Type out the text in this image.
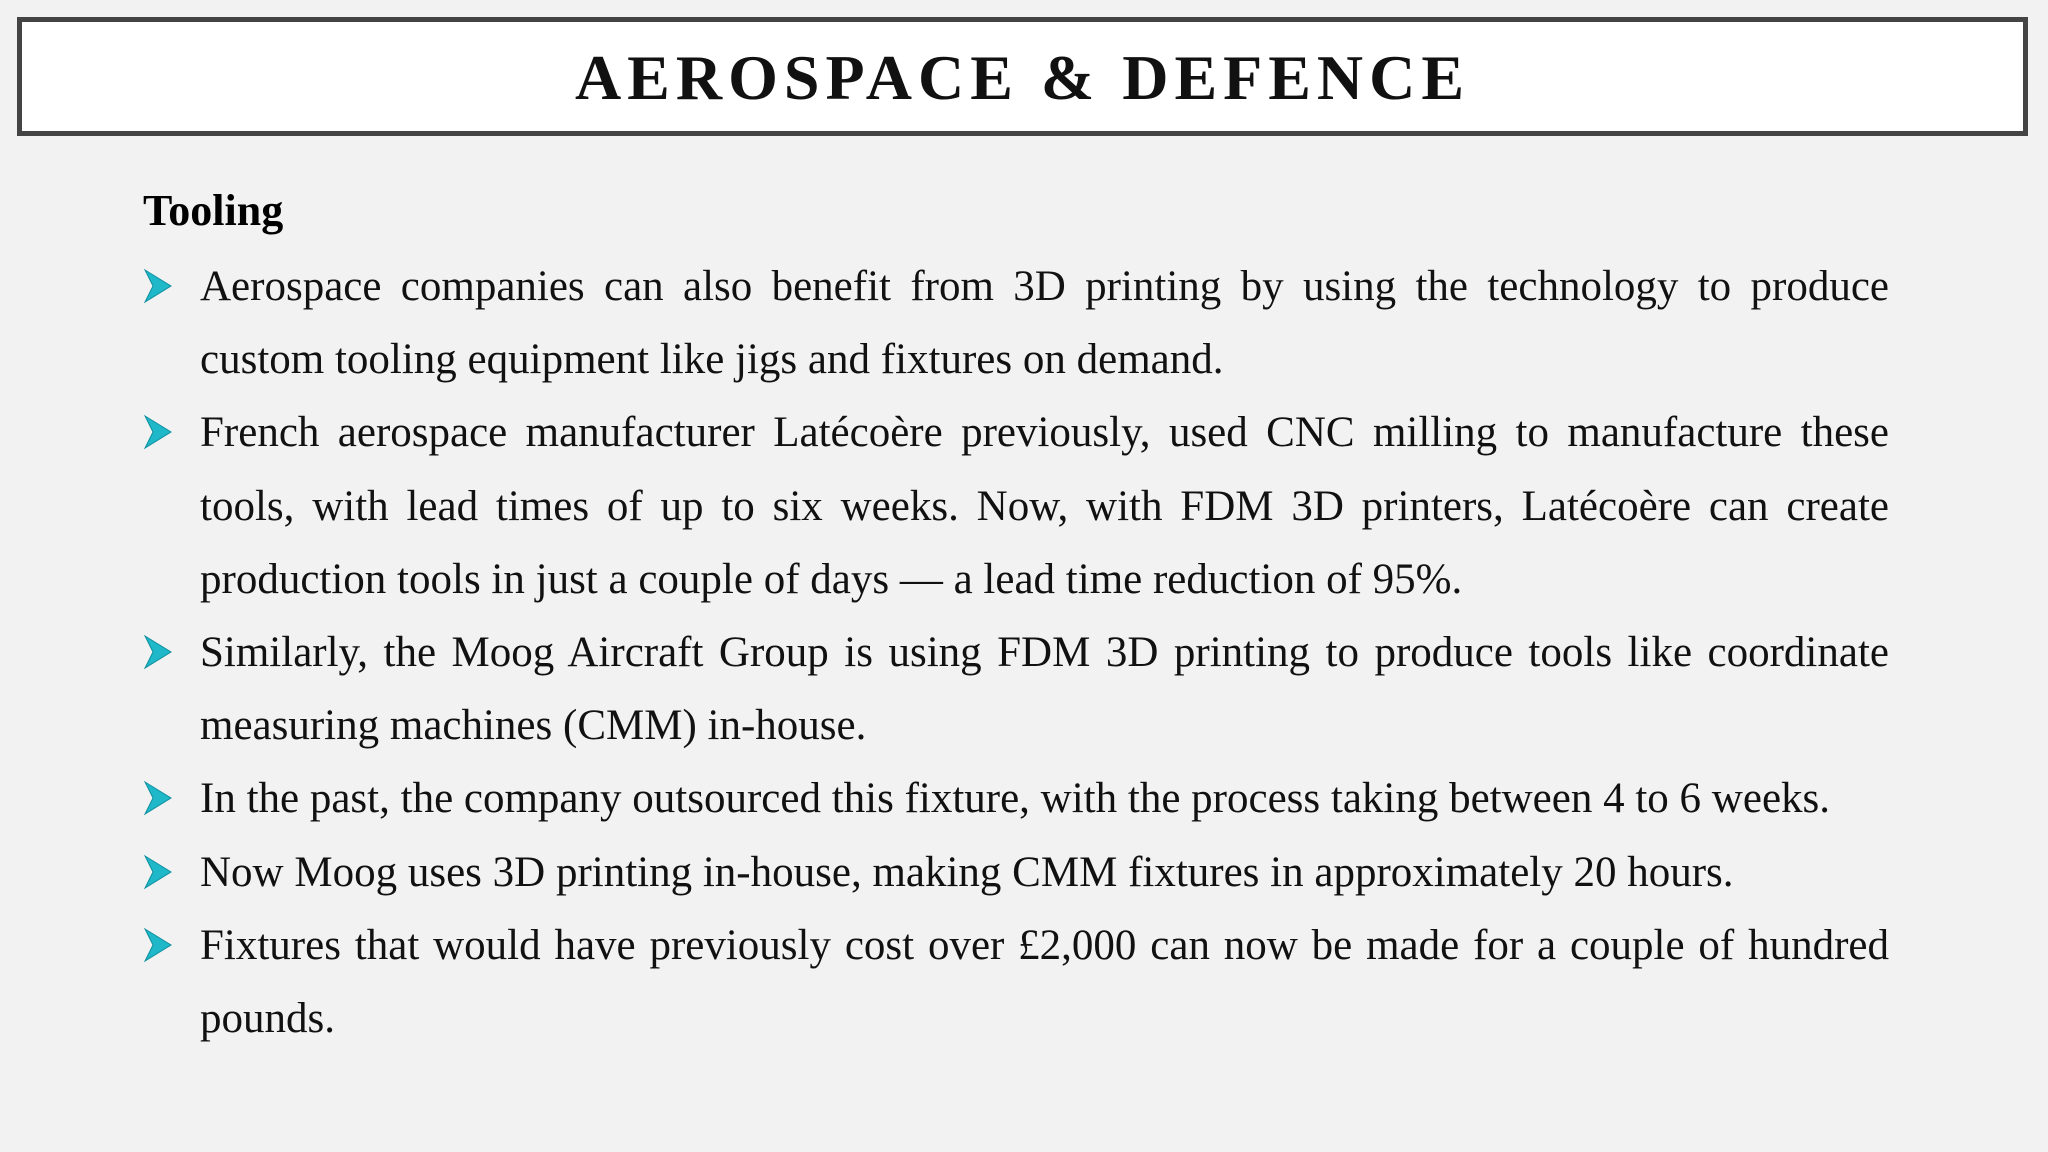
AEROSPACE & DEFENCE
Tooling
Aerospace companies can also benefit from 3D printing by using the technology to produce custom tooling equipment like jigs and fixtures on demand.
French aerospace manufacturer Latécoère previously, used CNC milling to manufacture these tools, with lead times of up to six weeks. Now, with FDM 3D printers, Latécoère can create production tools in just a couple of days — a lead time reduction of 95%.
Similarly, the Moog Aircraft Group is using FDM 3D printing to produce tools like coordinate measuring machines (CMM) in-house.
In the past, the company outsourced this fixture, with the process taking between 4 to 6 weeks.
Now Moog uses 3D printing in-house, making CMM fixtures in approximately 20 hours.
Fixtures that would have previously cost over £2,000 can now be made for a couple of hundred pounds.
